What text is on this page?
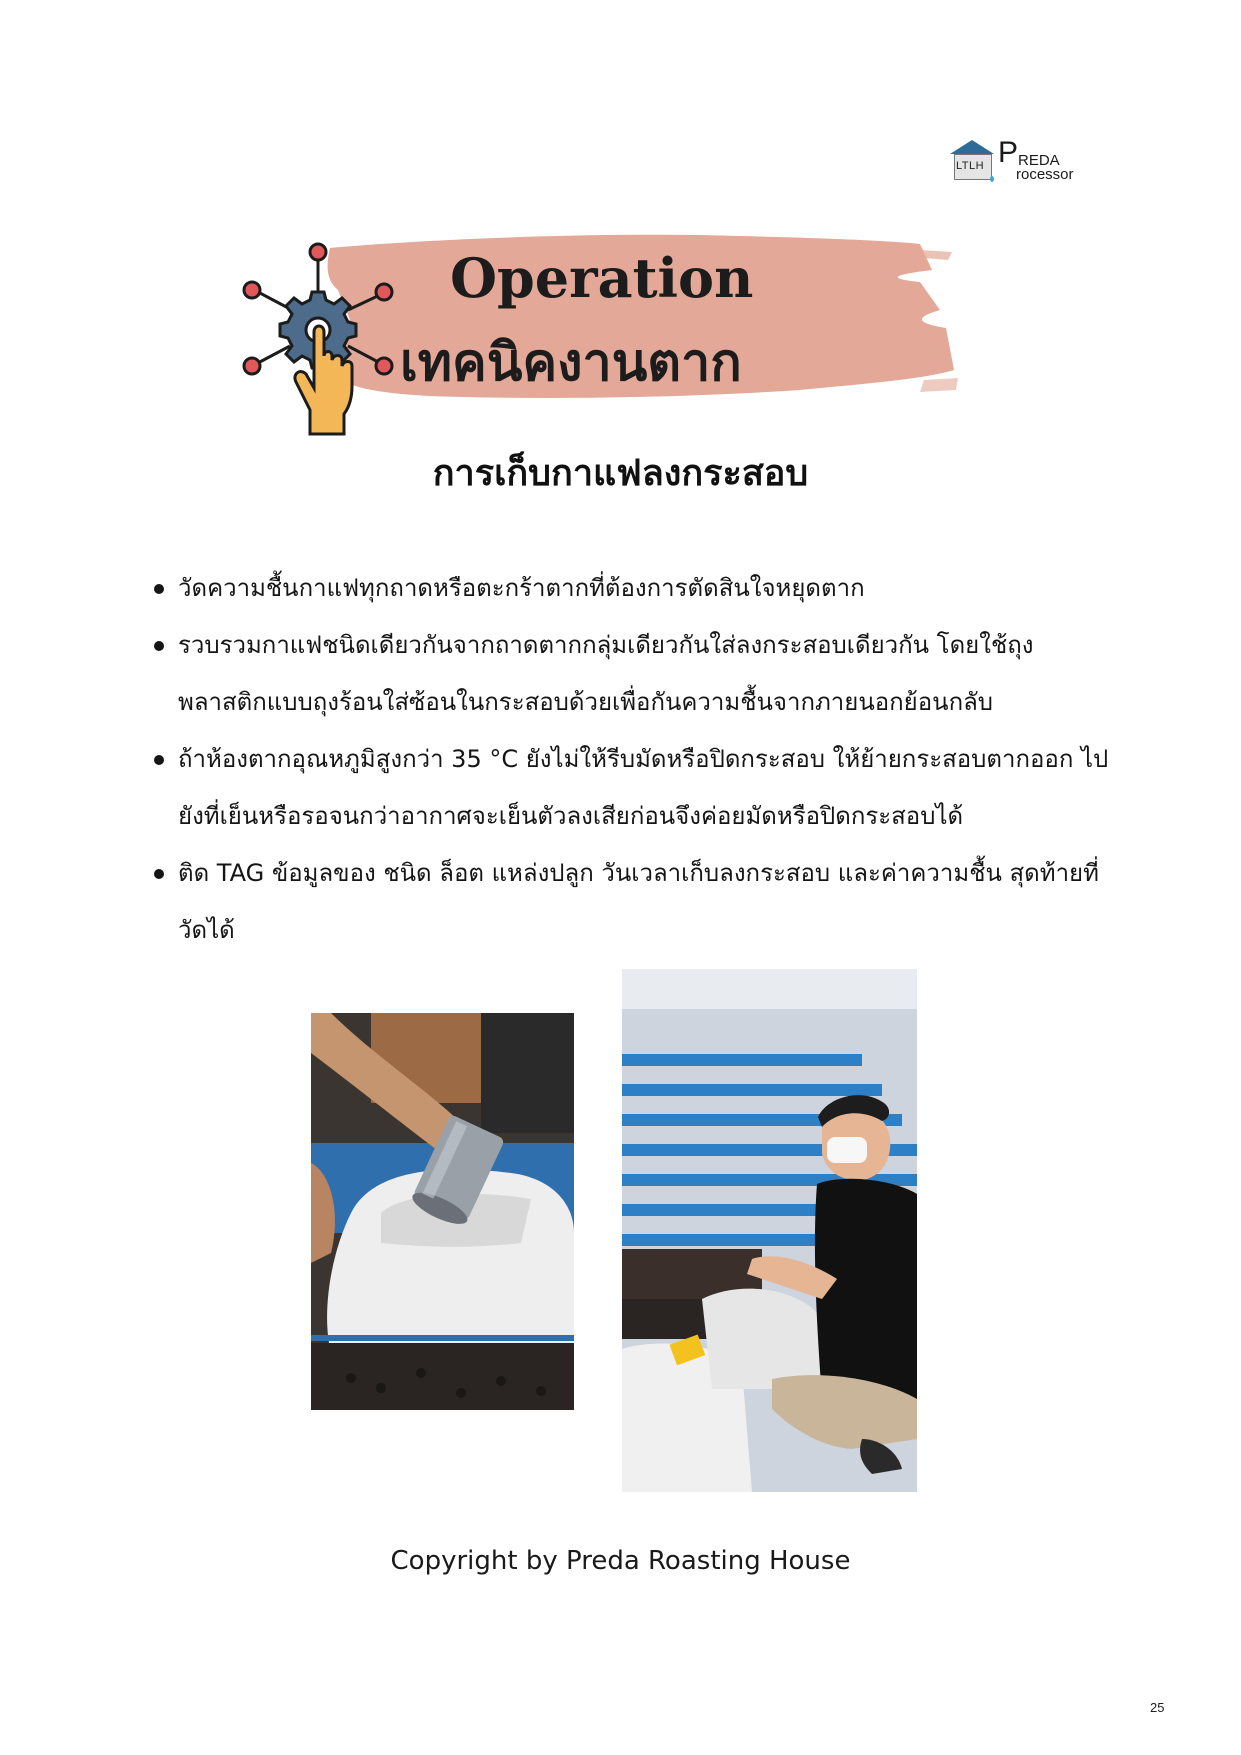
LTLH P REDA
rocessor
Operation
เทคนิคงานตาก
การเก็บกาแฟลงกระสอบ
วัดความชื้นกาแฟทุกถาดหรือตะกร้าตากที่ต้องการตัดสินใจหยุดตาก
รวบรวมกาแฟชนิดเดียวกันจากถาดตากกลุ่มเดียวกันใส่ลงกระสอบเดียวกัน โดยใช้ถุง พลาสติกแบบถุงร้อนใส่ซ้อนในกระสอบด้วยเพื่อกันความชื้นจากภายนอกย้อนกลับ
ถ้าห้องตากอุณหภูมิสูงกว่า 35 °C ยังไม่ให้รีบมัดหรือปิดกระสอบ ให้ย้ายกระสอบตากออก ไปยังที่เย็นหรือรอจนกว่าอากาศจะเย็นตัวลงเสียก่อนจึงค่อยมัดหรือปิดกระสอบได้
ติด TAG ข้อมูลของ ชนิด ล็อต แหล่งปลูก วันเวลาเก็บลงกระสอบ และค่าความชื้น สุดท้ายที่วัดได้
Copyright by Preda Roasting House
25
